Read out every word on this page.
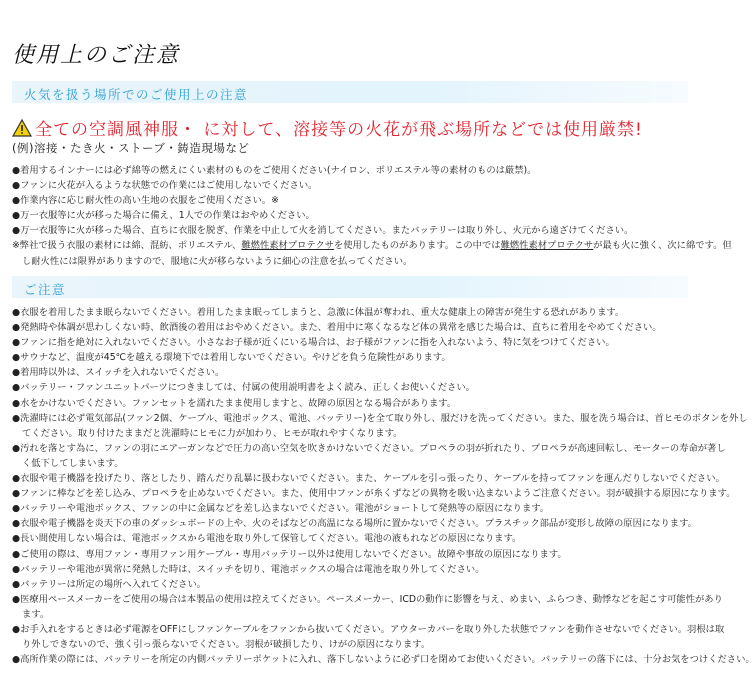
使用上のご注意
火気を扱う場所でのご使用上の注意
全ての空調風神服・ に対して、溶接等の火花が飛ぶ場所などでは使用厳禁!
(例)溶接・たき火・ストーブ・鋳造現場など
●着用するインナーには必ず綿等の燃えにくい素材のものをご使用ください(ナイロン、ポリエステル等の素材のものは厳禁)。
●ファンに火花が入るような状態での作業にはご使用しないでください。
●作業内容に応じ耐火性の高い生地の衣服をご使用ください。※
●万一衣服等に火が移った場合に備え、1人での作業はおやめください。
●万一衣服等に火が移った場合、直ちに衣服を脱ぎ、作業を中止して火を消してください。またバッテリーは取り外し、火元から遠ざけてください。
※弊社で扱う衣服の素材には綿、混紡、ポリエステル、難燃性素材プロテクサを使用したものがあります。この中では難燃性素材プロテクサが最も火に強く、次に綿です。但
し耐火性には限界がありますので、服地に火が移らないように細心の注意を払ってください。
ご注意
●衣服を着用したまま眠らないでください。着用したまま眠ってしまうと、急激に体温が奪われ、重大な健康上の障害が発生する恐れがあります。
●発熱時や体調が思わしくない時、飲酒後の着用はおやめください。また、着用中に寒くなるなど体の異常を感じた場合は、直ちに着用をやめてください。
●ファンに指を絶対に入れないでください。小さなお子様が近くにいる場合は、お子様がファンに指を入れないよう、特に気をつけてください。
●サウナなど、温度が45℃を越える環境下では着用しないでください。やけどを負う危険性があります。
●着用時以外は、スイッチを入れないでください。
●バッテリー・ファンユニットパーツにつきましては、付属の使用説明書をよく読み、正しくお使いください。
●水をかけないでください。ファンセットを濡れたまま使用しますと、故障の原因となる場合があります。
●洗濯時には必ず電気部品(ファン2個、ケーブル、電池ボックス、電池、バッテリー)を全て取り外し、服だけを洗ってください。また、服を洗う場合は、首ヒモのボタンを外し
てください。取り付けたままだと洗濯時にヒモに力が加わり、ヒモが取れやすくなります。
●汚れを落とす為に、ファンの羽にエアーガンなどで圧力の高い空気を吹きかけないでください。プロペラの羽が折れたり、プロペラが高速回転し、モーターの寿命が著し
く低下してしまいます。
●衣服や電子機器を投げたり、落としたり、踏んだり乱暴に扱わないでください。また、ケーブルを引っ張ったり、ケーブルを持ってファンを運んだりしないでください。
●ファンに棒などを差し込み、プロペラを止めないでください。また、使用中ファンが糸くずなどの異物を吸い込まないようご注意ください。羽が破損する原因になります。
●バッテリーや電池ボックス、ファンの中に金属などを差し込まないでください。電池がショートして発熱等の原因になります。
●衣服や電子機器を炎天下の車のダッシュボードの上や、火のそばなどの高温になる場所に置かないでください。プラスチック部品が変形し故障の原因になります。
●長い間使用しない場合は、電池ボックスから電池を取り外して保管してください。電池の液もれなどの原因になります。
●ご使用の際は、専用ファン・専用ファン用ケーブル・専用バッテリー以外は使用しないでください。故障や事故の原因になります。
●バッテリーや電池が異常に発熱した時は、スイッチを切り、電池ボックスの場合は電池を取り外してください。
●バッテリーは所定の場所へ入れてください。
●医療用ペースメーカーをご使用の場合は本製品の使用は控えてください。ペースメーカー、ICDの動作に影響を与え、めまい、ふらつき、動悸などを起こす可能性があり
ます。
●お手入れをするときは必ず電源をOFFにしファンケーブルをファンから抜いてください。アウターカバーを取り外した状態でファンを動作させないでください。羽根は取
り外しできないので、強く引っ張らないでください。羽根が破損したり、けがの原因になります。
●高所作業の際には、バッテリーを所定の内側バッテリーポケットに入れ、落下しないように必ず口を閉めてお使いください。バッテリーの落下には、十分お気をつけください。
